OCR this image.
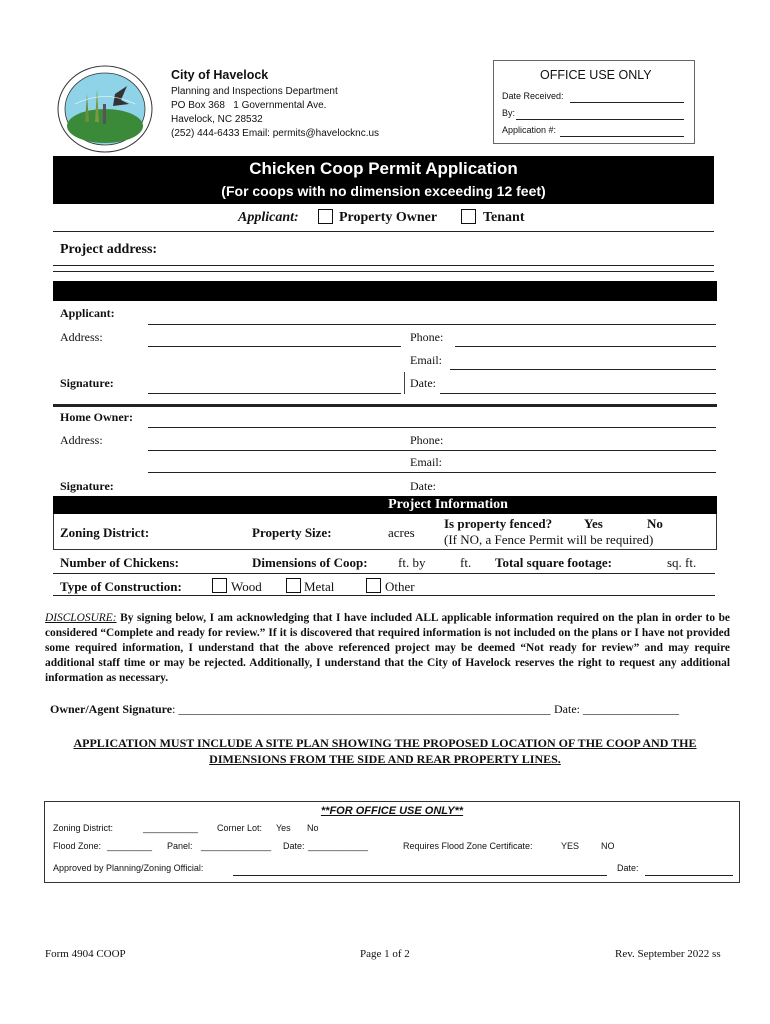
City of Havelock
Planning and Inspections Department
PO Box 368   1 Governmental Ave.
Havelock, NC 28532
(252) 444-6433 Email: permits@havelocknc.us
OFFICE USE ONLY
Date Received:
By:
Application #:
Chicken Coop Permit Application
(For coops with no dimension exceeding 12 feet)
Applicant:	Property Owner	Tenant
Project address:
Applicant:
Address:	Phone:
Email:
Signature:	Date:
Home Owner:
Address:	Phone:
Email:
Signature:	Date:
Project Information
Zoning District:	Property Size:	acres
Is property fenced? Yes	No
(If NO, a Fence Permit will be required)
Number of Chickens:	Dimensions of Coop: ft. by	ft. Total square footage:	sq. ft.
Type of Construction:	Wood	Metal	Other
DISCLOSURE: By signing below, I am acknowledging that I have included ALL applicable information required on the plan in order to be considered “Complete and ready for review.” If it is discovered that required information is not included on the plans or I have not provided some required information, I understand that the above referenced project may be deemed “Not ready for review” and may require additional staff time or may be rejected. Additionally, I understand that the City of Havelock reserves the right to request any additional information as necessary.
Owner/Agent Signature: ______________________________________________________________ Date: ________________
APPLICATION MUST INCLUDE A SITE PLAN SHOWING THE PROPOSED LOCATION OF THE COOP AND THE DIMENSIONS FROM THE SIDE AND REAR PROPERTY LINES.
**FOR OFFICE USE ONLY**
Zoning District:	___________ Corner Lot: Yes No
Flood Zone: _________ Panel: ______________ Date: ____________	Requires Flood Zone Certificate:	YES NO
Approved by Planning/Zoning Official:	Date:
Form 4904 COOP	Page 1 of 2	Rev. September 2022 ss
